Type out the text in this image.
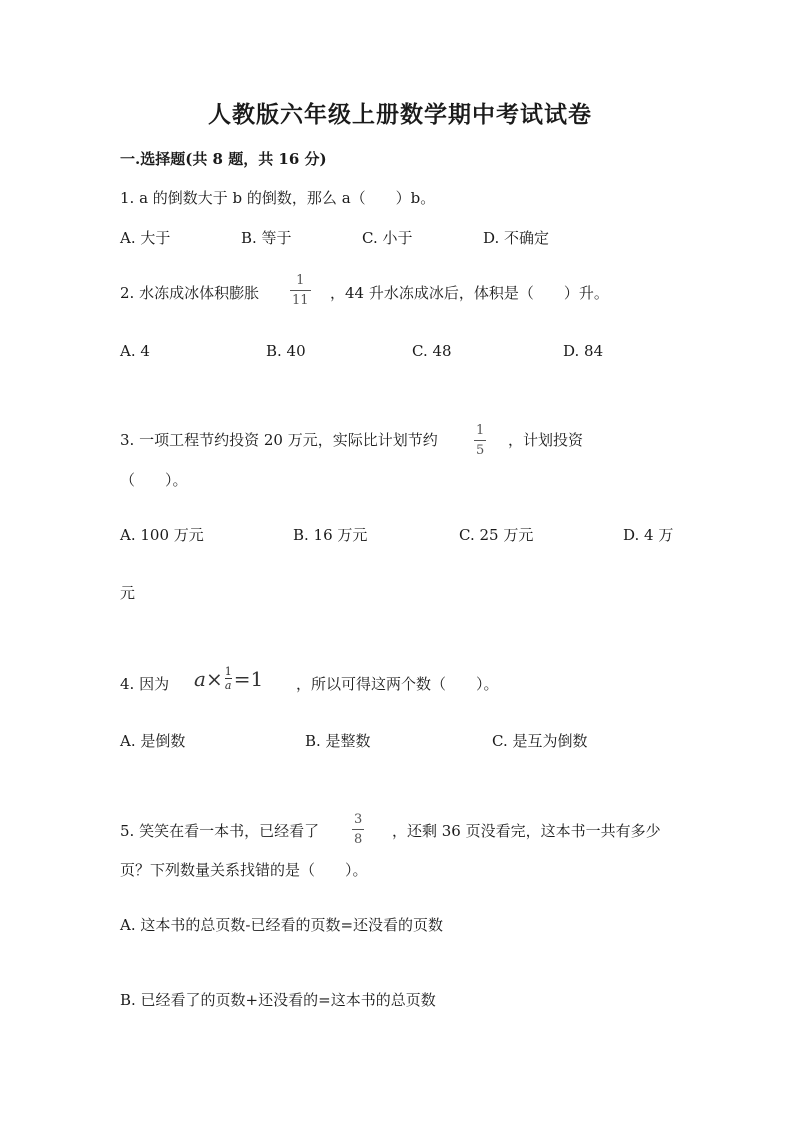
人教版六年级上册数学期中考试试卷
一.选择题(共 8 题，共 16 分)
1. a 的倒数大于 b 的倒数，那么 a（　　）b。
A. 大于	B. 等于	C. 小于	D. 不确定
2. 水冻成冰体积膨胀
1
11 ，44 升水冻成冰后，体积是（　　）升。
A. 4	B. 40	C. 48	D. 84
3. 一项工程节约投资 20 万元，实际比计划节约
1
5
，计划投资
（　　）。
A. 100 万元	B. 16 万元	C. 25 万元	D. 4 万
元
4. 因为 a × 1
a =1 ，所以可得这两个数（　　）。
A. 是倒数	B. 是整数	C. 是互为倒数
5. 笑笑在看一本书，已经看了
3
8 ，还剩 36 页没看完，这本书一共有多少
页？下列数量关系找错的是（　　）。
A. 这本书的总页数-已经看的页数=还没看的页数
B. 已经看了的页数+还没看的=这本书的总页数
